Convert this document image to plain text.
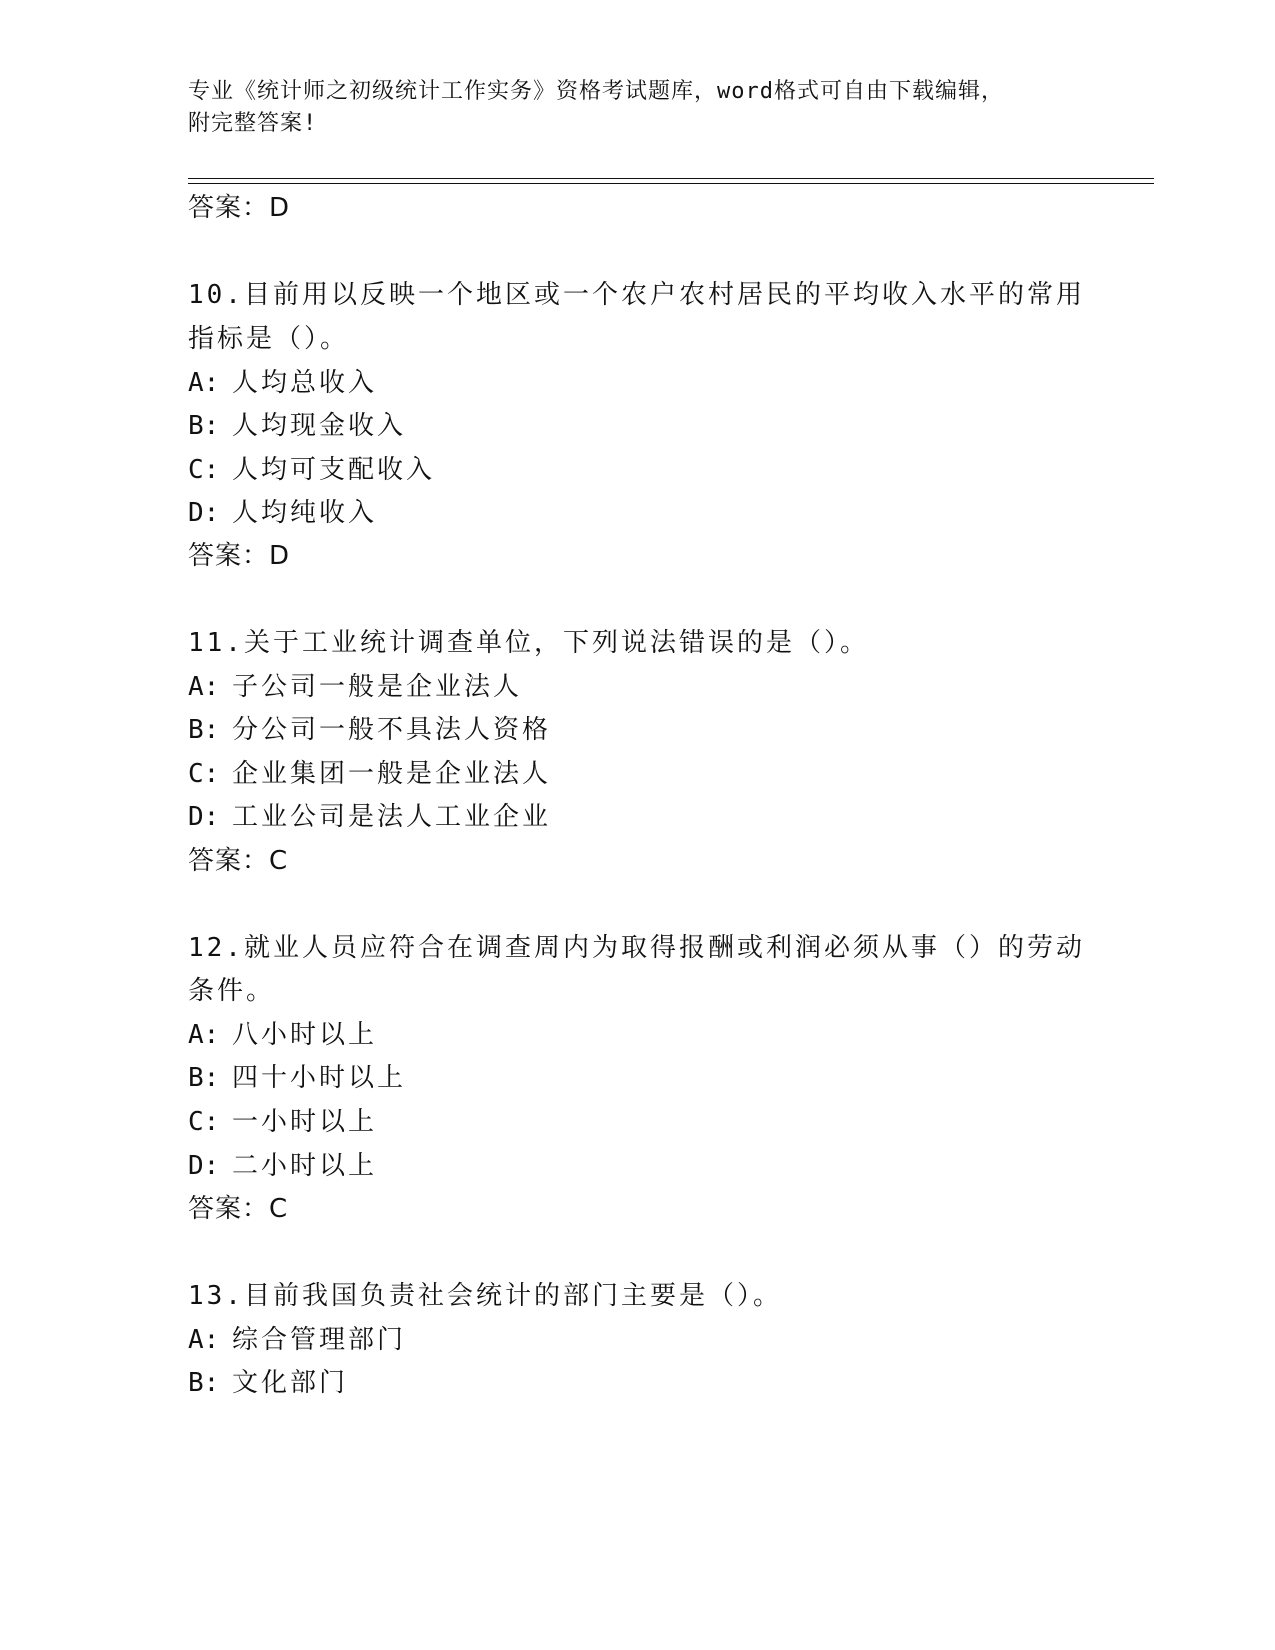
专业《统计师之初级统计工作实务》资格考试题库，word格式可自由下载编辑，
附完整答案!
答案：D
10.目前用以反映一个地区或一个农户农村居民的平均收入水平的常用
指标是（）。
A: 人均总收入
B: 人均现金收入
C: 人均可支配收入
D: 人均纯收入
答案：D
11.关于工业统计调查单位，下列说法错误的是（）。
A: 子公司一般是企业法人
B: 分公司一般不具法人资格
C: 企业集团一般是企业法人
D: 工业公司是法人工业企业
答案：C
12.就业人员应符合在调查周内为取得报酬或利润必须从事（）的劳动
条件。
A: 八小时以上
B: 四十小时以上
C: 一小时以上
D: 二小时以上
答案：C
13.目前我国负责社会统计的部门主要是（）。
A: 综合管理部门
B: 文化部门
